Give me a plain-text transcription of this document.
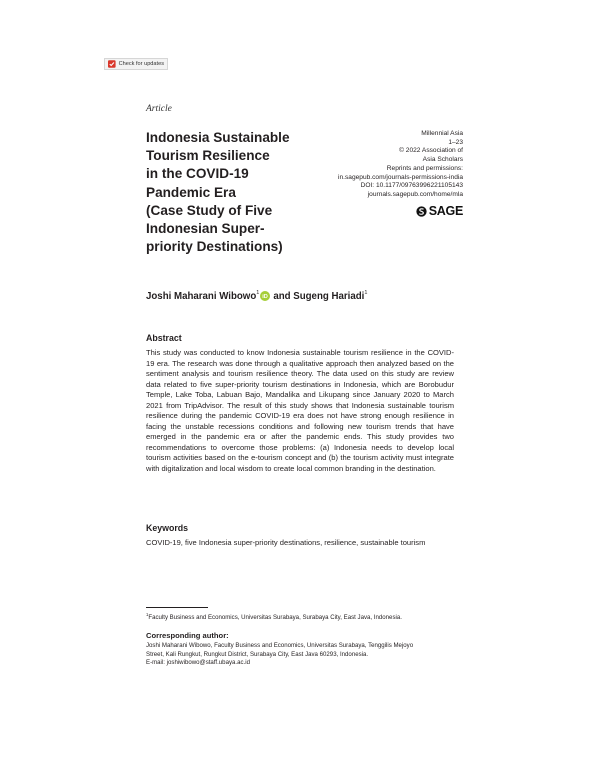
Check for updates
Article
Indonesia Sustainable
Tourism Resilience
in the COVID-19
Pandemic Era
(Case Study of Five
Indonesian Super-
priority Destinations)
Millennial Asia
1–23
© 2022 Association of
Asia Scholars
Reprints and permissions:
in.sagepub.com/journals-permissions-india
DOI: 10.1177/09763996221105143
journals.sagepub.com/home/mla
SAGE
Joshi Maharani Wibowo$^1$
iD and
Sugeng Hariadi$^1$
Abstract

This study was conducted to know Indonesia sustainable tourism resilience in the COVID-19 era. The research was done through a qualitative approach then analyzed based on the sentiment analysis and tourism resilience theory. The data used on this study are review data related to five super-priority tourism destinations in Indonesia, which are Borobudur Temple, Lake Toba, Labuan Bajo, Mandalika and Likupang since January 2020 to March 2021 from TripAdvisor. The result of this study shows that Indonesia sustainable tourism resilience during the pandemic COVID-19 era does not have strong enough resilience in facing the unstable recessions conditions and following new tourism trends that have emerged in the pandemic era or after the pandemic ends. This study provides two recommendations to overcome those problems: (a) Indonesia needs to develop local tourism activities based on the e-tourism concept and (b) the tourism activity must integrate with digitalization and local wisdom to create local common branding in the destination.

Keywords

COVID-19, five Indonesia super-priority destinations, resilience, sustainable tourism

$^1$Faculty Business and Economics, Universitas Surabaya, Surabaya City, East Java, Indonesia.
Corresponding author:
Joshi Maharani Wibowo, Faculty Business and Economics, Universitas Surabaya, Tenggilis Mejoyo
Street, Kali Rungkut, Rungkut District, Surabaya City, East Java 60293, Indonesia.
E-mail: joshiwibowo@staff.ubaya.ac.id
